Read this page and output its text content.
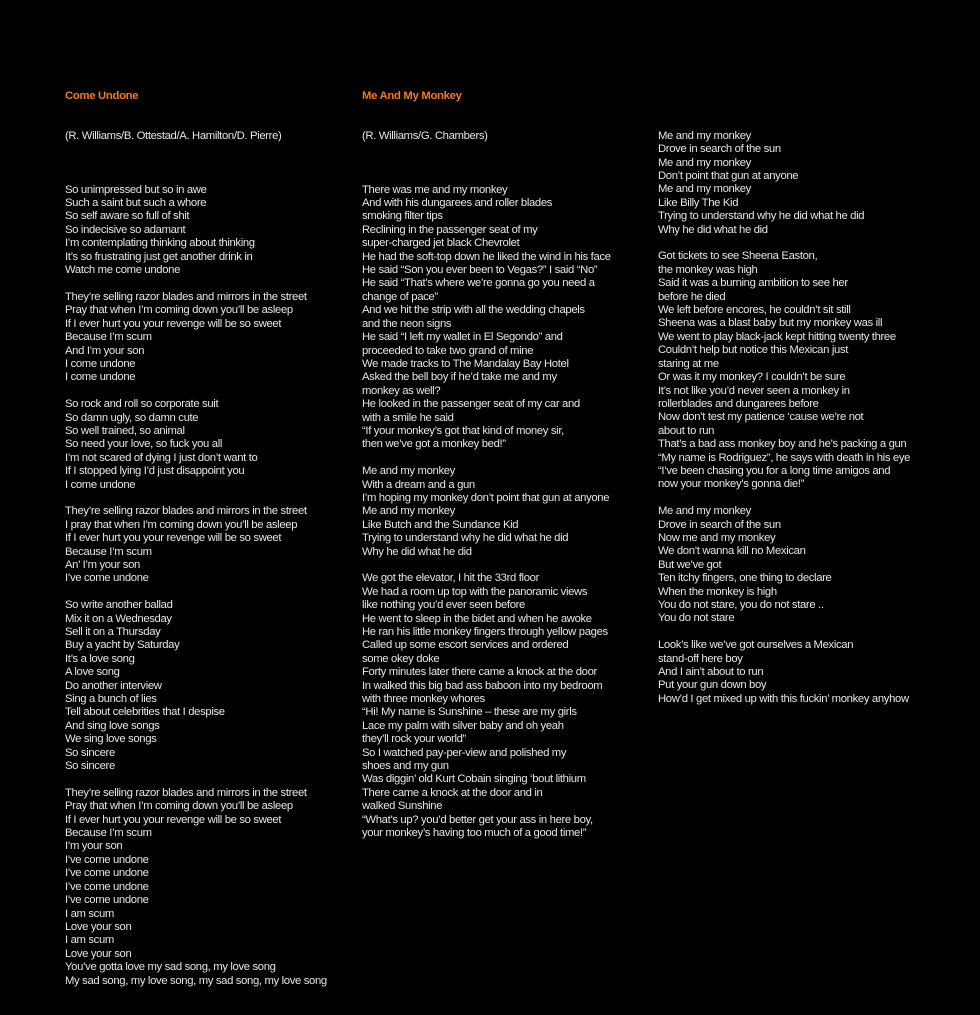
Come Undone

(R. Williams/B. Ottestad/A. Hamilton/D. Pierre)

So unimpressed but so in awe
Such a saint but such a whore
So self aware so full of shit
So indecisive so adamant
I’m contemplating thinking about thinking
It’s so frustrating just get another drink in
Watch me come undone
They’re selling razor blades and mirrors in the street
Pray that when I’m coming down you’ll be asleep
If I ever hurt you your revenge will be so sweet
Because I’m scum
And I’m your son
I come undone
I come undone
So rock and roll so corporate suit
So damn ugly, so damn cute
So well trained, so animal
So need your love, so fuck you all
I’m not scared of dying I just don’t want to
If I stopped lying I’d just disappoint you
I come undone
They’re selling razor blades and mirrors in the street
I pray that when I’m coming down you’ll be asleep
If I ever hurt you your revenge will be so sweet
Because I’m scum
An’ I’m your son
I’ve come undone
So write another ballad
Mix it on a Wednesday
Sell it on a Thursday
Buy a yacht by Saturday
It’s a love song
A love song
Do another interview
Sing a bunch of lies
Tell about celebrities that I despise
And sing love songs
We sing love songs
So sincere
So sincere
They’re selling razor blades and mirrors in the street
Pray that when I’m coming down you’ll be asleep
If I ever hurt you your revenge will be so sweet
Because I’m scum
I’m your son
I’ve come undone
I’ve come undone
I’ve come undone
I’ve come undone
I am scum
Love your son
I am scum
Love your son
You’ve gotta love my sad song, my love song
My sad song, my love song, my sad song, my love song

Me And My Monkey

(R. Williams/G. Chambers)

There was me and my monkey
And with his dungarees and roller blades
smoking filter tips
Reclining in the passenger seat of my
super-charged jet black Chevrolet
He had the soft-top down he liked the wind in his face
He said “Son you ever been to Vegas?” I said “No”
He said “That’s where we’re gonna go you need a
change of pace”
And we hit the strip with all the wedding chapels
and the neon signs
He said “I left my wallet in El Segondo” and
proceeded to take two grand of mine
We made tracks to The Mandalay Bay Hotel
Asked the bell boy if he’d take me and my
monkey as well?
He looked in the passenger seat of my car and
with a smile he said
“If your monkey’s got that kind of money sir,
then we’ve got a monkey bed!”
Me and my monkey
With a dream and a gun
I’m hoping my monkey don’t point that gun at anyone
Me and my monkey
Like Butch and the Sundance Kid
Trying to understand why he did what he did
Why he did what he did
We got the elevator, I hit the 33rd floor
We had a room up top with the panoramic views
like nothing you’d ever seen before
He went to sleep in the bidet and when he awoke
He ran his little monkey fingers through yellow pages
Called up some escort services and ordered
some okey doke
Forty minutes later there came a knock at the door
In walked this big bad ass baboon into my bedroom
with three monkey whores
“Hi! My name is Sunshine – these are my girls
Lace my palm with silver baby and oh yeah
they’ll rock your world”
So I watched pay-per-view and polished my
shoes and my gun
Was diggin’ old Kurt Cobain singing ‘bout lithium
There came a knock at the door and in
walked Sunshine
“What’s up? you’d better get your ass in here boy,
your monkey’s having too much of a good time!”

Me and my monkey
Drove in search of the sun
Me and my monkey
Don’t point that gun at anyone
Me and my monkey
Like Billy The Kid
Trying to understand why he did what he did
Why he did what he did
Got tickets to see Sheena Easton,
the monkey was high
Said it was a burning ambition to see her
before he died
We left before encores, he couldn’t sit still
Sheena was a blast baby but my monkey was ill
We went to play black-jack kept hitting twenty three
Couldn’t help but notice this Mexican just
staring at me
Or was it my monkey? I couldn’t be sure
It’s not like you’d never seen a monkey in
rollerblades and dungarees before
Now don’t test my patience ‘cause we’re not
about to run
That’s a bad ass monkey boy and he’s packing a gun
“My name is Rodriguez”, he says with death in his eye
“I’ve been chasing you for a long time amigos and
now your monkey’s gonna die!”
Me and my monkey
Drove in search of the sun
Now me and my monkey
We don’t wanna kill no Mexican
But we’ve got
Ten itchy fingers, one thing to declare
When the monkey is high
You do not stare, you do not stare ..
You do not stare
Look’s like we’ve got ourselves a Mexican
stand-off here boy
And I ain’t about to run
Put your gun down boy
How’d I get mixed up with this fuckin’ monkey anyhow
